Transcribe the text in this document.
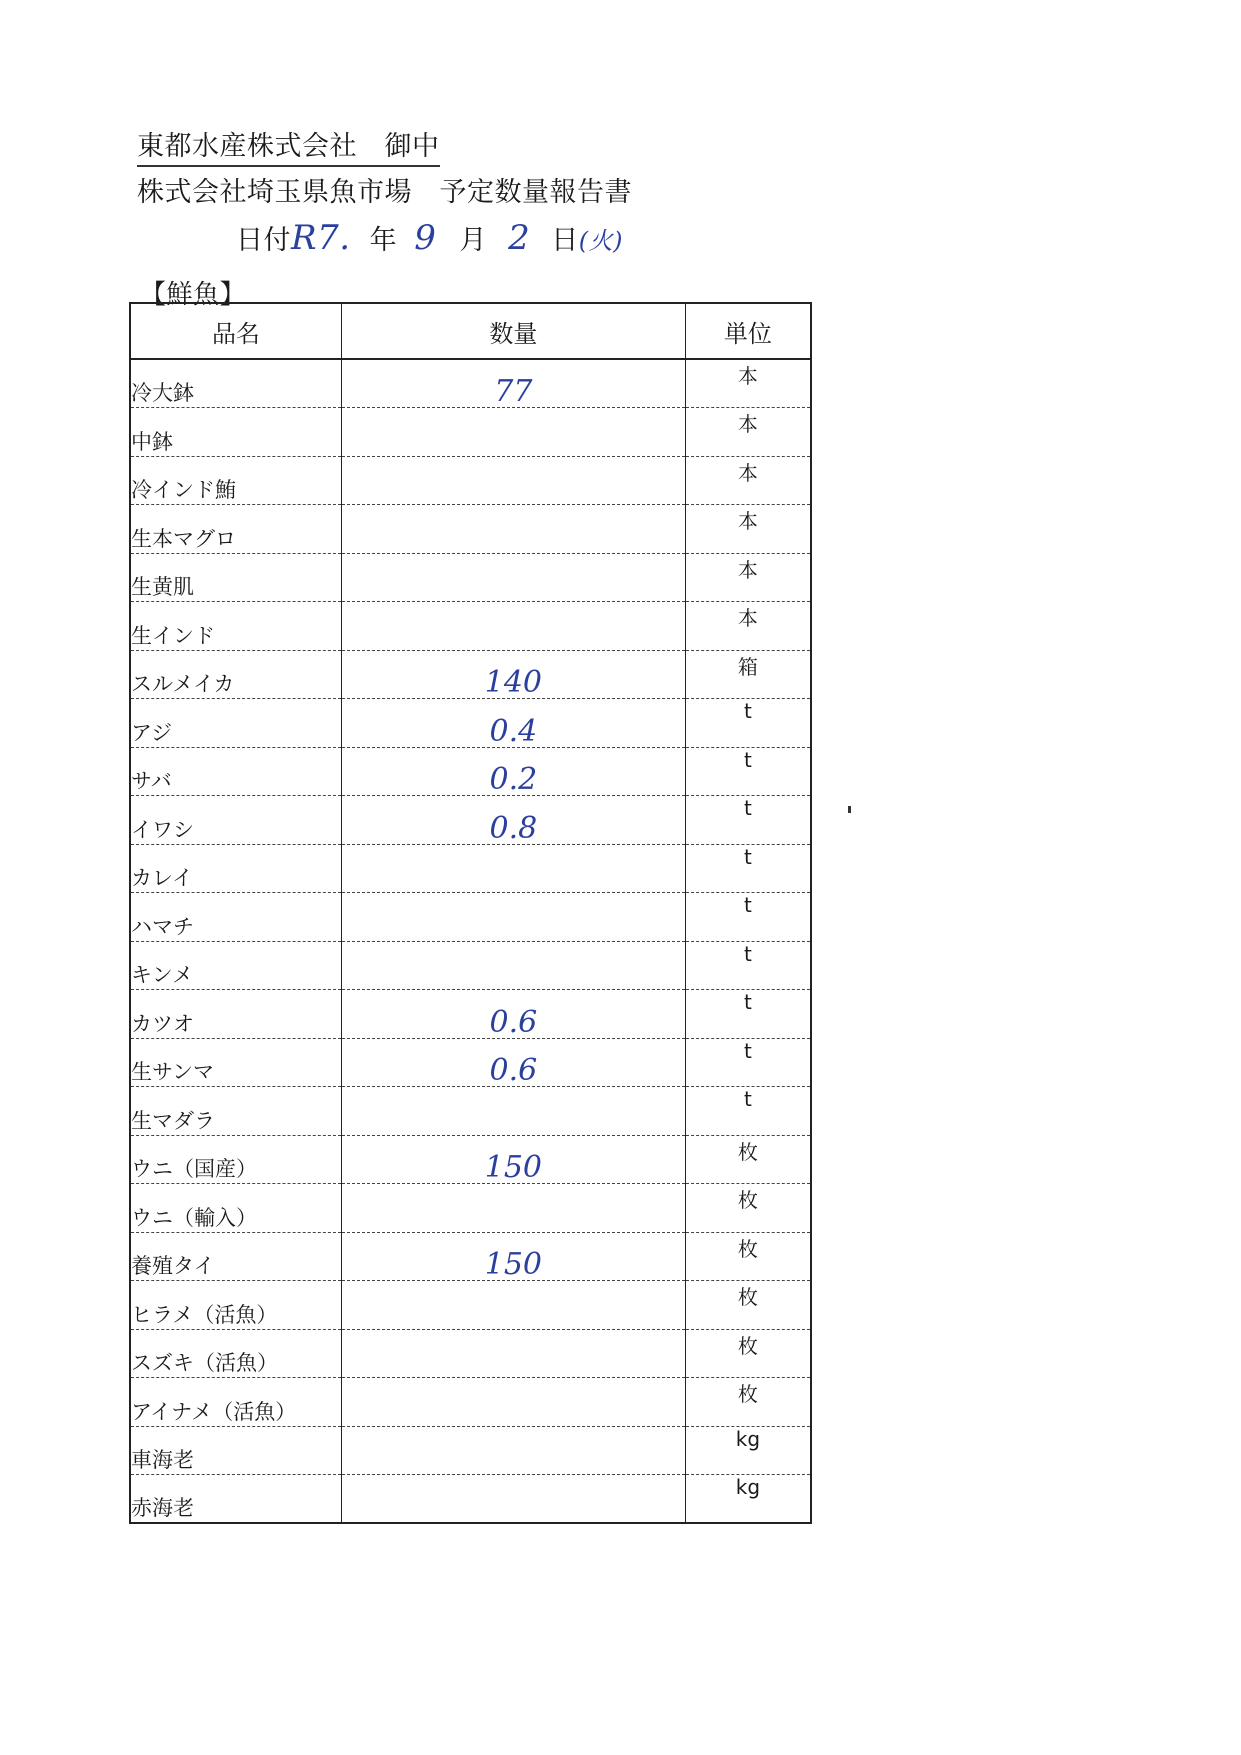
東都水産株式会社　御中
株式会社埼玉県魚市場　予定数量報告書
日付R7. 年 9 月 2 日(火)
【鮮魚】
品名	数量	単位
冷大鉢	77	本
中鉢		本
冷インド鮪		本
生本マグロ		本
生黄肌		本
生インド		本
スルメイカ	140	箱
アジ	0.4	t
サバ	0.2	t
イワシ	0.8	t
カレイ		t
ハマチ		t
キンメ		t
カツオ	0.6	t
生サンマ	0.6	t
生マダラ		t
ウニ（国産）	150	枚
ウニ（輸入）		枚
養殖タイ	150	枚
ヒラメ（活魚）		枚
スズキ（活魚）		枚
アイナメ（活魚）		枚
車海老		kg
赤海老		kg
